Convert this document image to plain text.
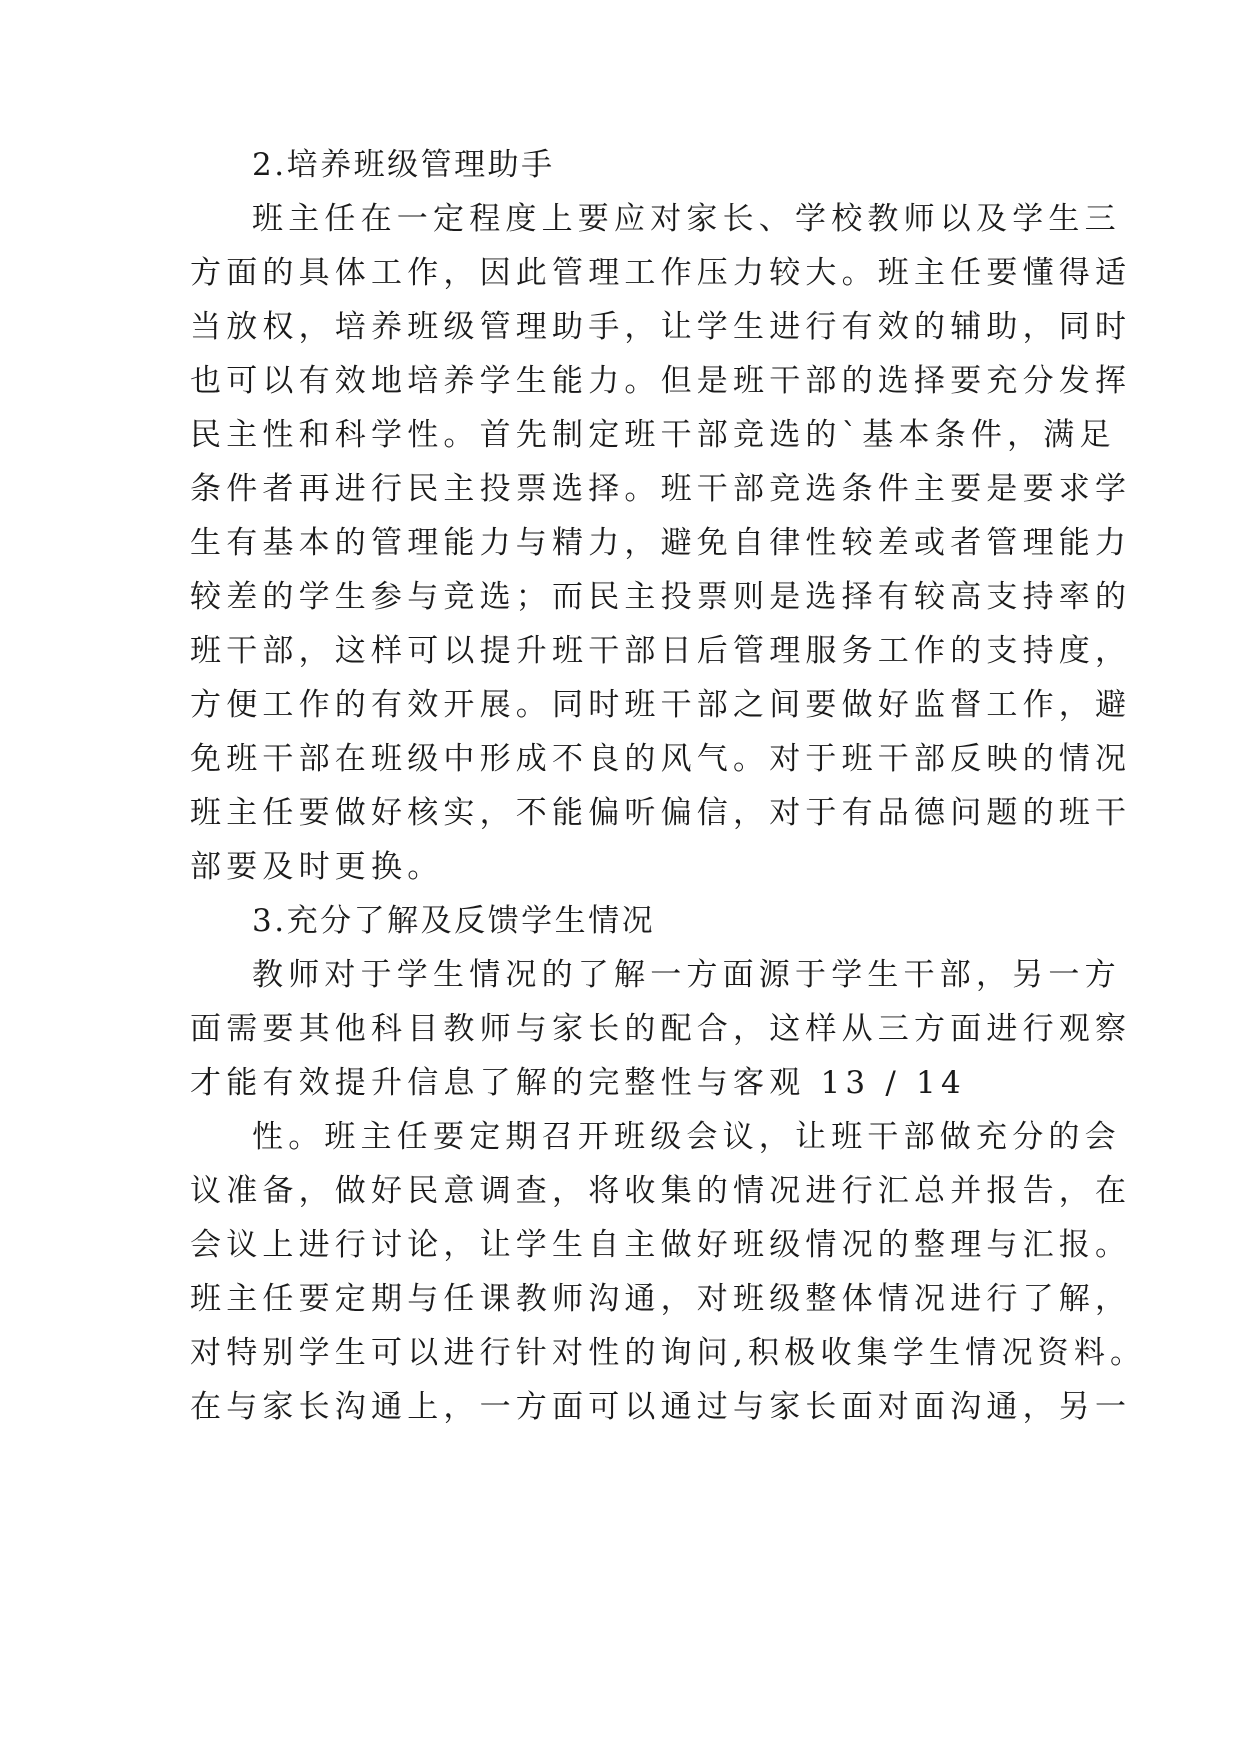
2.培养班级管理助手
班主任在一定程度上要应对家长、学校教师以及学生三
方面的具体工作，因此管理工作压力较大。班主任要懂得适
当放权，培养班级管理助手，让学生进行有效的辅助，同时
也可以有效地培养学生能力。但是班干部的选择要充分发挥
民主性和科学性。首先制定班干部竞选的`基本条件，满足
条件者再进行民主投票选择。班干部竞选条件主要是要求学
生有基本的管理能力与精力，避免自律性较差或者管理能力
较差的学生参与竞选；而民主投票则是选择有较高支持率的
班干部，这样可以提升班干部日后管理服务工作的支持度，
方便工作的有效开展。同时班干部之间要做好监督工作，避
免班干部在班级中形成不良的风气。对于班干部反映的情况
班主任要做好核实，不能偏听偏信，对于有品德问题的班干
部要及时更换。
3.充分了解及反馈学生情况
教师对于学生情况的了解一方面源于学生干部，另一方
面需要其他科目教师与家长的配合，这样从三方面进行观察
才能有效提升信息了解的完整性与客观 13 / 14
性。班主任要定期召开班级会议，让班干部做充分的会
议准备，做好民意调查，将收集的情况进行汇总并报告，在
会议上进行讨论，让学生自主做好班级情况的整理与汇报。
班主任要定期与任课教师沟通，对班级整体情况进行了解，
对特别学生可以进行针对性的询问,积极收集学生情况资料。
在与家长沟通上，一方面可以通过与家长面对面沟通，另一
